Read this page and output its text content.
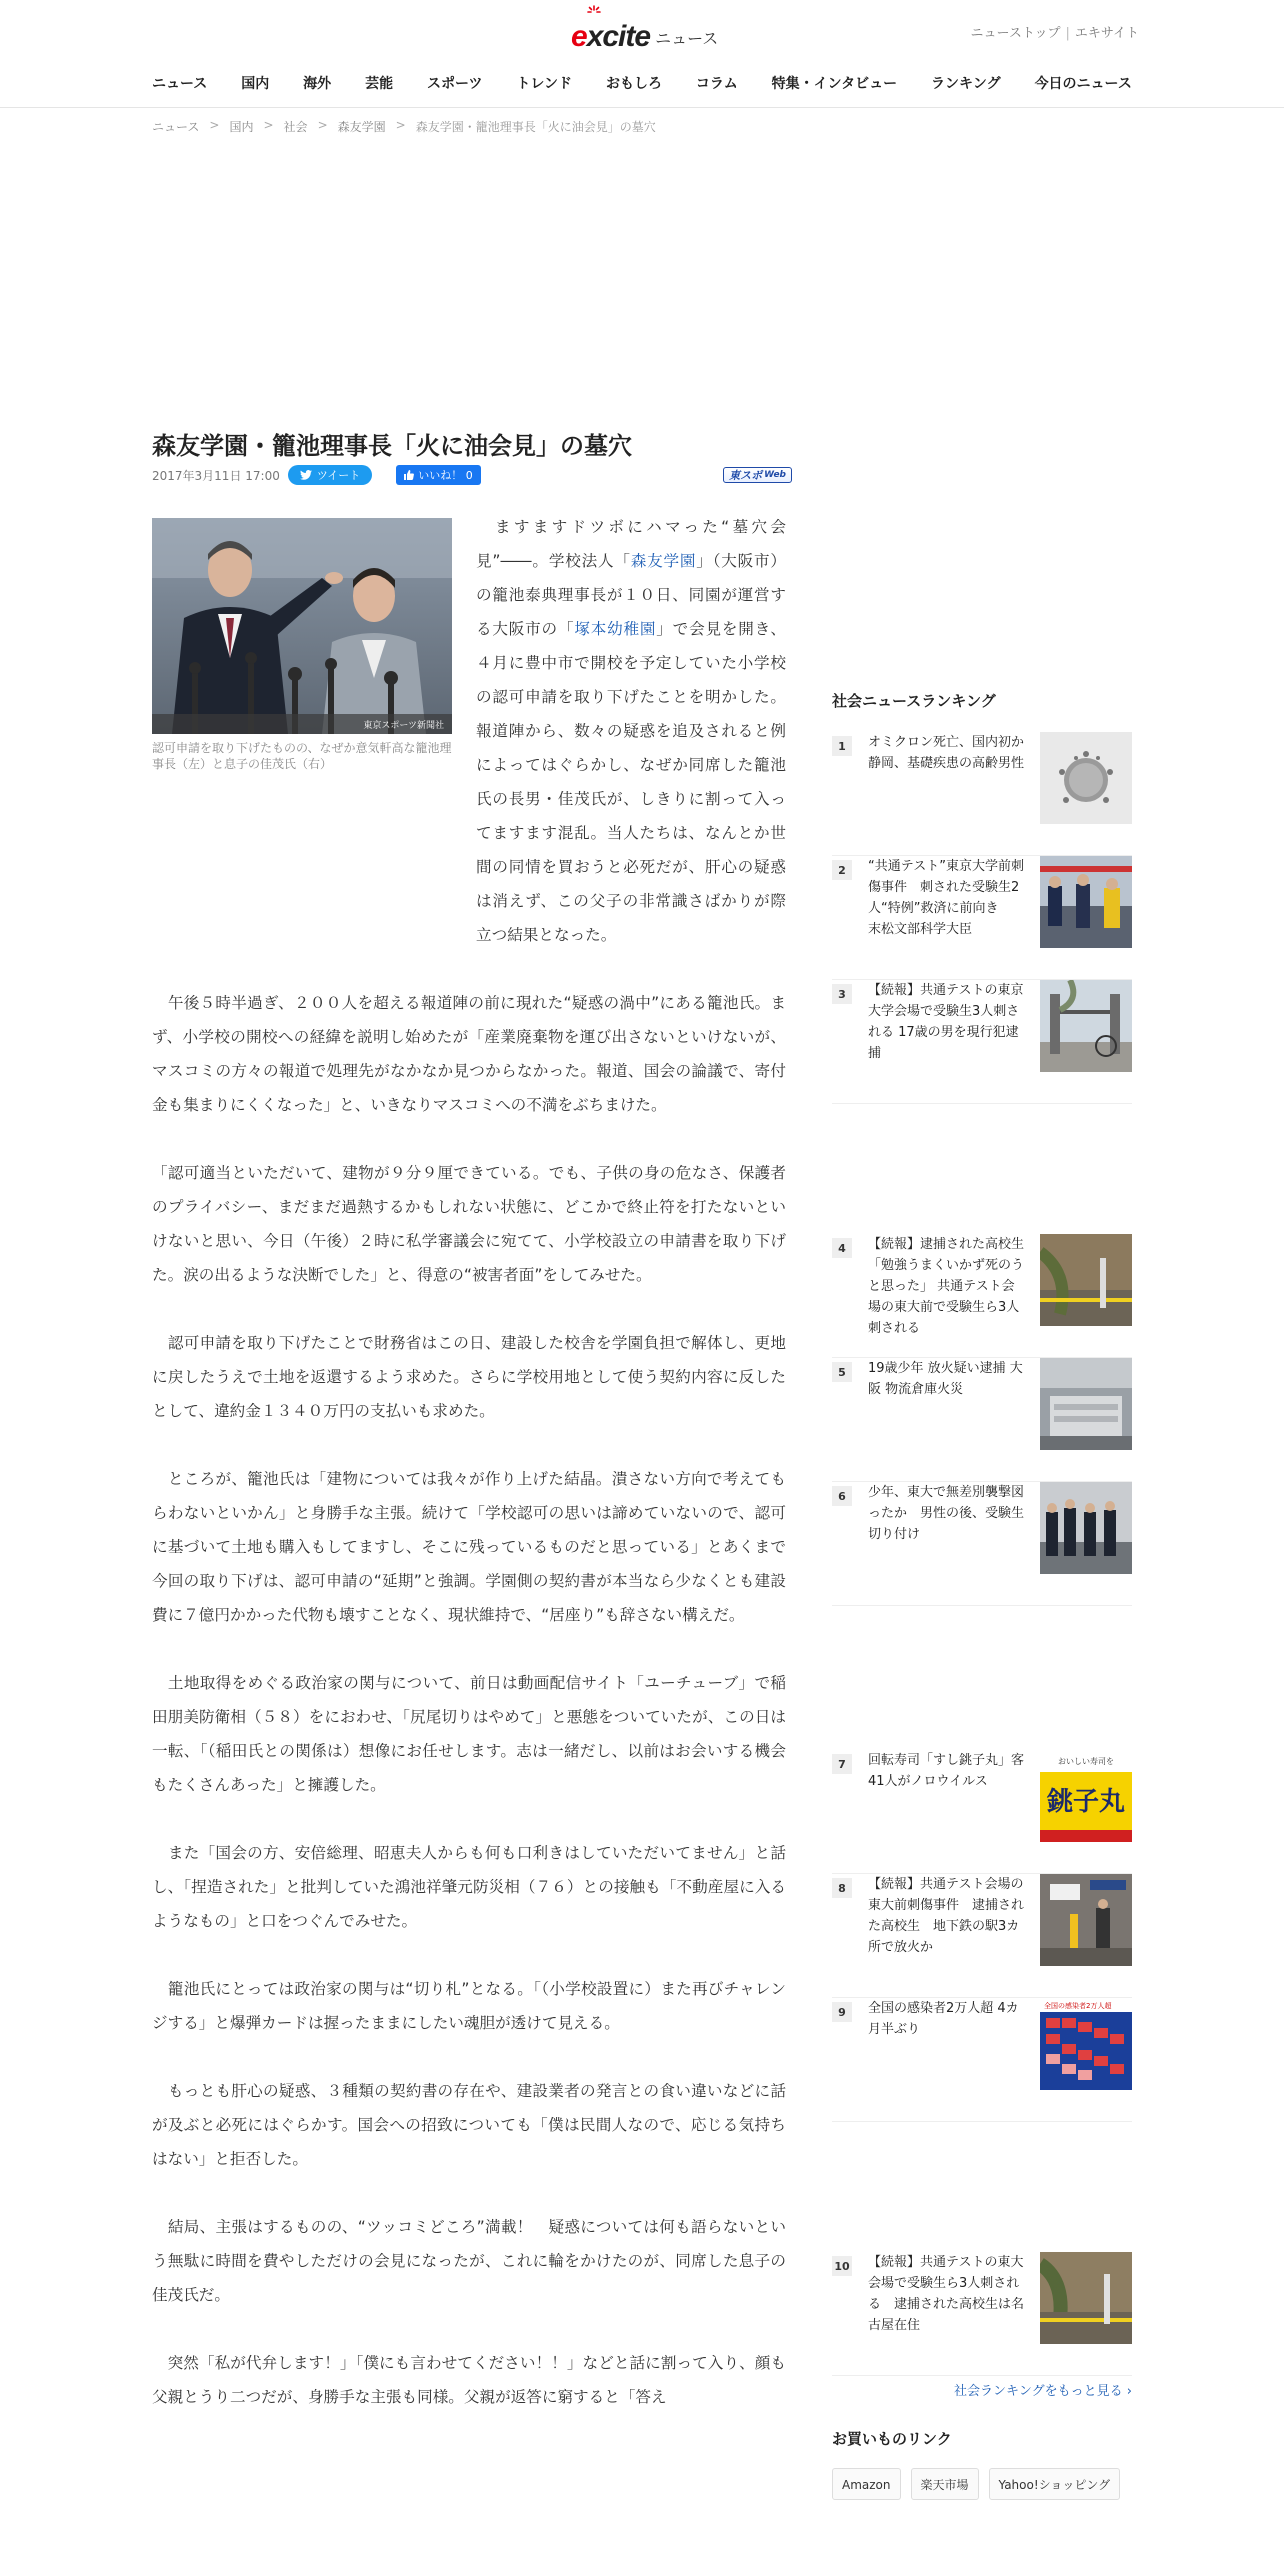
excite ニュース	ニューストップ | エキサイト
ニュース 国内 海外 芸能 スポーツ トレンド おもしろ コラム 特集・インタビュー ランキング 今日のニュース
ニュース > 国内 > 社会 > 森友学園 > 森友学園・籠池理事長「火に油会見」の墓穴
森友学園・籠池理事長「火に油会見」の墓穴
2017年3月11日 17:00	ツイート	いいね！ 0	東スポ Web
東京スポーツ新聞社
認可申請を取り下げたものの、なぜか意気軒高な籠池理事長（左）と息子の佳茂氏（右）

　ますますドツボにハマった“墓穴会見”――。学校法人「森友学園」（大阪市）の籠池泰典理事長が１０日、同園が運営する大阪市の「塚本幼稚園」で会見を開き、４月に豊中市で開校を予定していた小学校の認可申請を取り下げたことを明かした。報道陣から、数々の疑惑を追及されると例によってはぐらかし、なぜか同席した籠池氏の長男・佳茂氏が、しきりに割って入ってますます混乱。当人たちは、なんとか世間の同情を買おうと必死だが、肝心の疑惑は消えず、この父子の非常識さばかりが際立つ結果となった。

　午後５時半過ぎ、２００人を超える報道陣の前に現れた“疑惑の渦中”にある籠池氏。まず、小学校の開校への経緯を説明し始めたが「産業廃棄物を運び出さないといけないが、マスコミの方々の報道で処理先がなかなか見つからなかった。報道、国会の論議で、寄付金も集まりにくくなった」と、いきなりマスコミへの不満をぶちまけた。

「認可適当といただいて、建物が９分９厘できている。でも、子供の身の危なさ、保護者のプライバシー、まだまだ過熱するかもしれない状態に、どこかで終止符を打たないといけないと思い、今日（午後）２時に私学審議会に宛てて、小学校設立の申請書を取り下げた。涙の出るような決断でした」と、得意の“被害者面”をしてみせた。

　認可申請を取り下げたことで財務省はこの日、建設した校舎を学園負担で解体し、更地に戻したうえで土地を返還するよう求めた。さらに学校用地として使う契約内容に反したとして、違約金１３４０万円の支払いも求めた。

　ところが、籠池氏は「建物については我々が作り上げた結晶。潰さない方向で考えてもらわないといかん」と身勝手な主張。続けて「学校認可の思いは諦めていないので、認可に基づいて土地も購入もしてますし、そこに残っているものだと思っている」とあくまで今回の取り下げは、認可申請の“延期”と強調。学園側の契約書が本当なら少なくとも建設費に７億円かかった代物も壊すことなく、現状維持で、“居座り”も辞さない構えだ。

　土地取得をめぐる政治家の関与について、前日は動画配信サイト「ユーチューブ」で稲田朋美防衛相（５８）をにおわせ、「尻尾切りはやめて」と悪態をついていたが、この日は一転、「（稲田氏との関係は）想像にお任せします。志は一緒だし、以前はお会いする機会もたくさんあった」と擁護した。

　また「国会の方、安倍総理、昭恵夫人からも何も口利きはしていただいてません」と話し、「捏造された」と批判していた鴻池祥肇元防災相（７６）との接触も「不動産屋に入るようなもの」と口をつぐんでみせた。

　籠池氏にとっては政治家の関与は“切り札”となる。「（小学校設置に）また再びチャレンジする」と爆弾カードは握ったままにしたい魂胆が透けて見える。

　もっとも肝心の疑惑、３種類の契約書の存在や、建設業者の発言との食い違いなどに話が及ぶと必死にはぐらかす。国会への招致についても「僕は民間人なので、応じる気持ちはない」と拒否した。

　結局、主張はするものの、“ツッコミどころ”満載！　疑惑については何も語らないという無駄に時間を費やしただけの会見になったが、これに輪をかけたのが、同席した息子の佳茂氏だ。

　突然「私が代弁します！」「僕にも言わせてください！！」などと話に割って入り、顔も父親とうり二つだが、身勝手な主張も同様。父親が返答に窮すると「答え

社会ニュースランキング
1	オミクロン死亡、国内初か　静岡、基礎疾患の高齢男性
2	“共通テスト”東京大学前刺傷事件　刺された受験生2人“特例”救済に前向き　末松文部科学大臣
3	【続報】共通テストの東京大学会場で受験生3人刺される 17歳の男を現行犯逮捕
4	【続報】逮捕された高校生「勉強うまくいかず死のうと思った」 共通テスト会場の東大前で受験生ら3人刺される
5	19歳少年 放火疑い逮捕 大阪 物流倉庫火災
6	少年、東大で無差別襲撃図ったか　男性の後、受験生切り付け
7	回転寿司「すし銚子丸」客41人がノロウイルス
おいしい寿司を
銚子丸
8	【続報】共通テスト会場の東大前刺傷事件　逮捕された高校生　地下鉄の駅3カ所で放火か
9	全国の感染者2万人超 4カ月半ぶり
全国の感染者2万人超
10 【続報】共通テストの東大会場で受験生ら3人刺される　逮捕された高校生は名古屋在住
社会ランキングをもっと見る ›
お買いものリンク
Amazon	楽天市場	Yahoo!ショッピング
